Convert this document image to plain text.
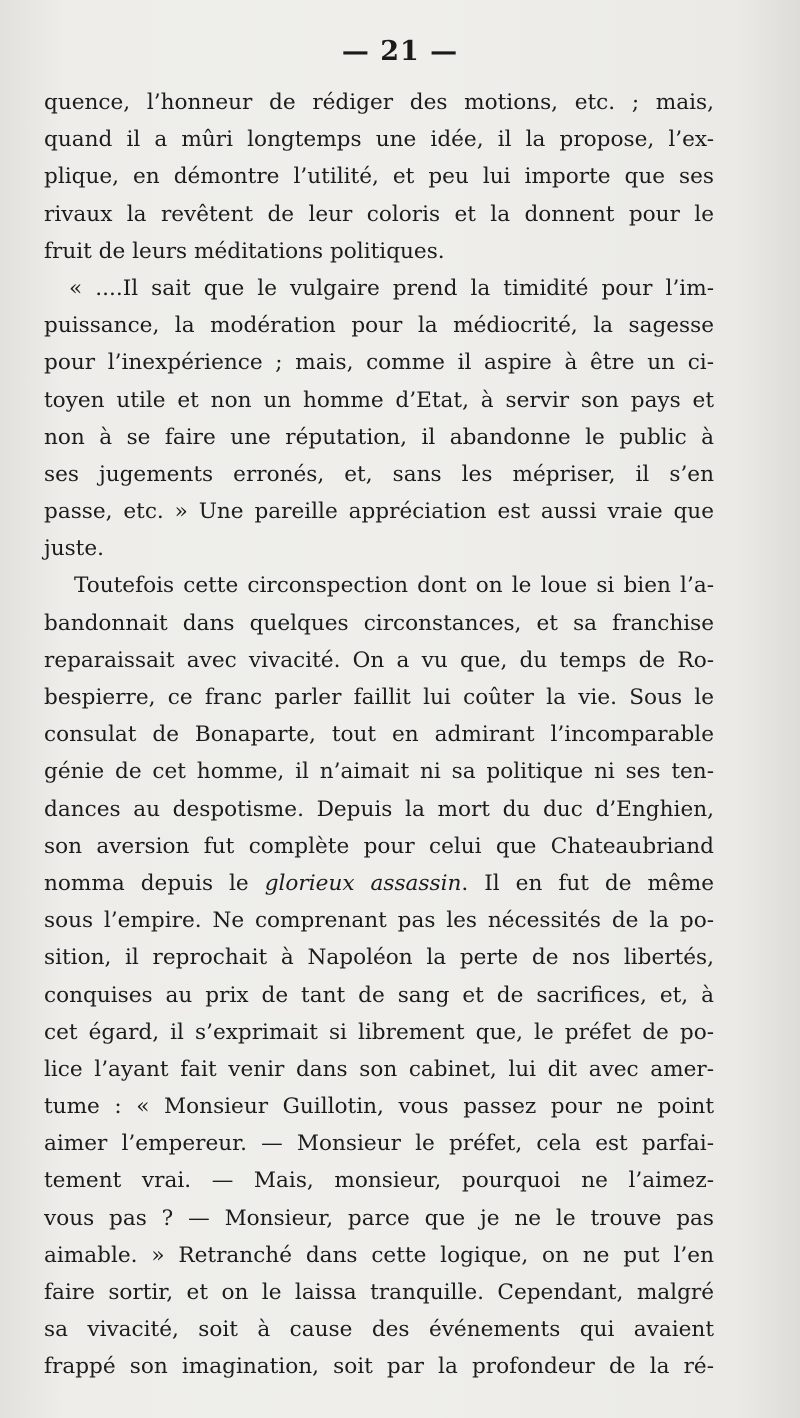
— 21 —
quence, l’honneur de rédiger des motions, etc. ; mais,
quand il a mûri longtemps une idée, il la propose, l’ex-
plique, en démontre l’utilité, et peu lui importe que ses
rivaux la revêtent de leur coloris et la donnent pour le
fruit de leurs méditations politiques.
« ....Il sait que le vulgaire prend la timidité pour l’im-
puissance, la modération pour la médiocrité, la sagesse
pour l’inexpérience ; mais, comme il aspire à être un ci-
toyen utile et non un homme d’Etat, à servir son pays et
non à se faire une réputation, il abandonne le public à
ses jugements erronés, et, sans les mépriser, il s’en
passe, etc. » Une pareille appréciation est aussi vraie que
juste.
Toutefois cette circonspection dont on le loue si bien l’a-
bandonnait dans quelques circonstances, et sa franchise
reparaissait avec vivacité. On a vu que, du temps de Ro-
bespierre, ce franc parler faillit lui coûter la vie. Sous le
consulat de Bonaparte, tout en admirant l’incomparable
génie de cet homme, il n’aimait ni sa politique ni ses ten-
dances au despotisme. Depuis la mort du duc d’Enghien,
son aversion fut complète pour celui que Chateaubriand
nomma depuis le glorieux assassin. Il en fut de même
sous l’empire. Ne comprenant pas les nécessités de la po-
sition, il reprochait à Napoléon la perte de nos libertés,
conquises au prix de tant de sang et de sacrifices, et, à
cet égard, il s’exprimait si librement que, le préfet de po-
lice l’ayant fait venir dans son cabinet, lui dit avec amer-
tume : « Monsieur Guillotin, vous passez pour ne point
aimer l’empereur. — Monsieur le préfet, cela est parfai-
tement vrai. — Mais, monsieur, pourquoi ne l’aimez-
vous pas ? — Monsieur, parce que je ne le trouve pas
aimable. » Retranché dans cette logique, on ne put l’en
faire sortir, et on le laissa tranquille. Cependant, malgré
sa vivacité, soit à cause des événements qui avaient
frappé son imagination, soit par la profondeur de la ré-
